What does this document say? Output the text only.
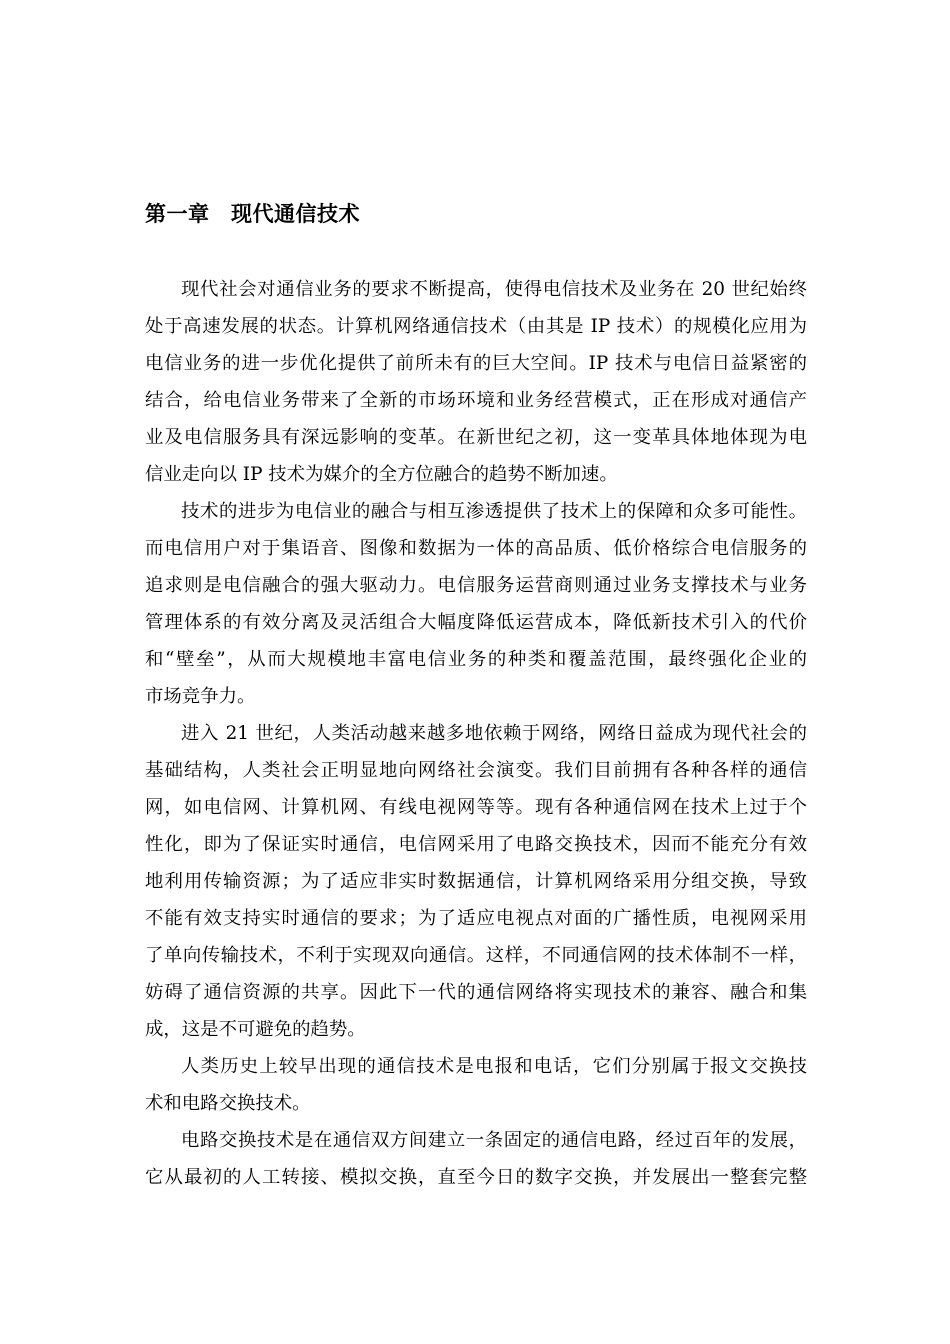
第一章　现代通信技术
现代社会对通信业务的要求不断提高，使得电信技术及业务在 20 世纪始终
处于高速发展的状态。计算机网络通信技术（由其是 IP 技术）的规模化应用为
电信业务的进一步优化提供了前所未有的巨大空间。IP 技术与电信日益紧密的
结合，给电信业务带来了全新的市场环境和业务经营模式，正在形成对通信产
业及电信服务具有深远影响的变革。在新世纪之初，这一变革具体地体现为电
信业走向以 IP 技术为媒介的全方位融合的趋势不断加速。
技术的进步为电信业的融合与相互渗透提供了技术上的保障和众多可能性。
而电信用户对于集语音、图像和数据为一体的高品质、低价格综合电信服务的
追求则是电信融合的强大驱动力。电信服务运营商则通过业务支撑技术与业务
管理体系的有效分离及灵活组合大幅度降低运营成本，降低新技术引入的代价
和“壁垒”，从而大规模地丰富电信业务的种类和覆盖范围，最终强化企业的
市场竞争力。
进入 21 世纪，人类活动越来越多地依赖于网络，网络日益成为现代社会的
基础结构，人类社会正明显地向网络社会演变。我们目前拥有各种各样的通信
网，如电信网、计算机网、有线电视网等等。现有各种通信网在技术上过于个
性化，即为了保证实时通信，电信网采用了电路交换技术，因而不能充分有效
地利用传输资源；为了适应非实时数据通信，计算机网络采用分组交换，导致
不能有效支持实时通信的要求；为了适应电视点对面的广播性质，电视网采用
了单向传输技术，不利于实现双向通信。这样，不同通信网的技术体制不一样，
妨碍了通信资源的共享。因此下一代的通信网络将实现技术的兼容、融合和集
成，这是不可避免的趋势。
人类历史上较早出现的通信技术是电报和电话，它们分别属于报文交换技
术和电路交换技术。
电路交换技术是在通信双方间建立一条固定的通信电路，经过百年的发展，
它从最初的人工转接、模拟交换，直至今日的数字交换，并发展出一整套完整
